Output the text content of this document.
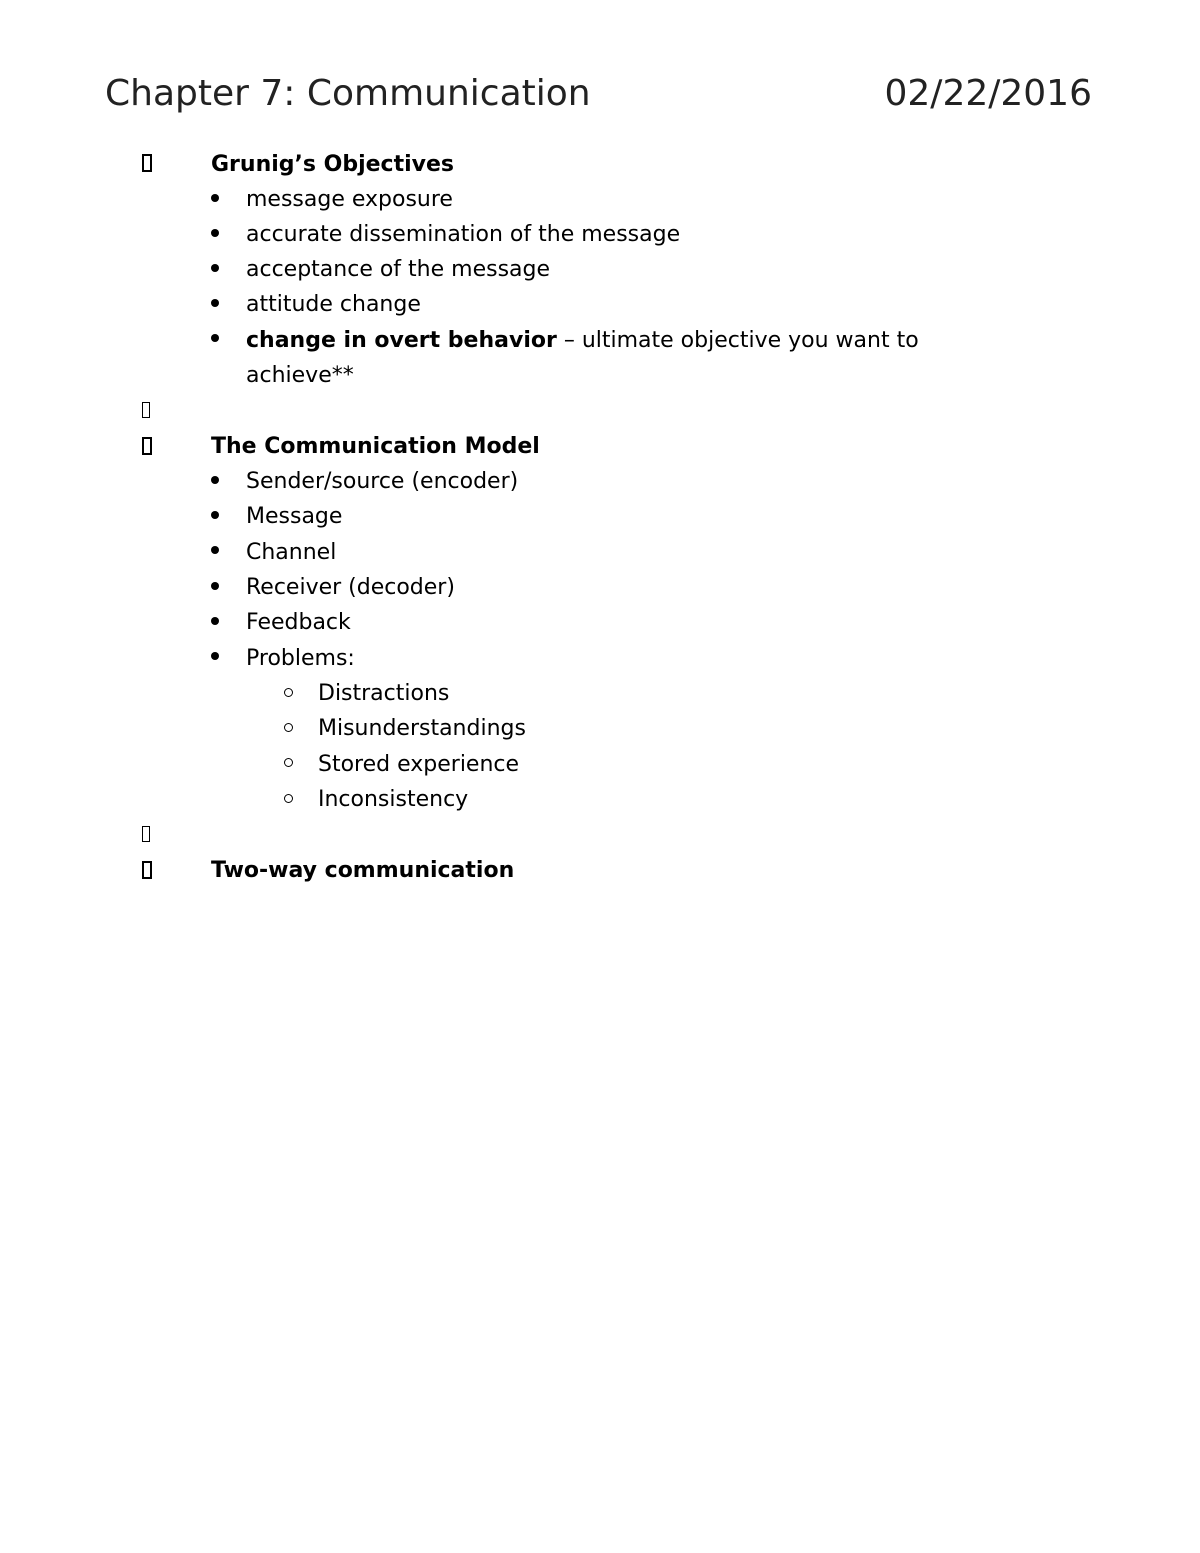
Chapter 7: Communication	02/22/2016
Grunig’s Objectives
message exposure
accurate dissemination of the message
acceptance of the message
attitude change
change in overt behavior – ultimate objective you want to
achieve**
The Communication Model
Sender/source (encoder)
Message
Channel
Receiver (decoder)
Feedback
Problems:
Distractions
Misunderstandings
Stored experience
Inconsistency
Two-way communication
